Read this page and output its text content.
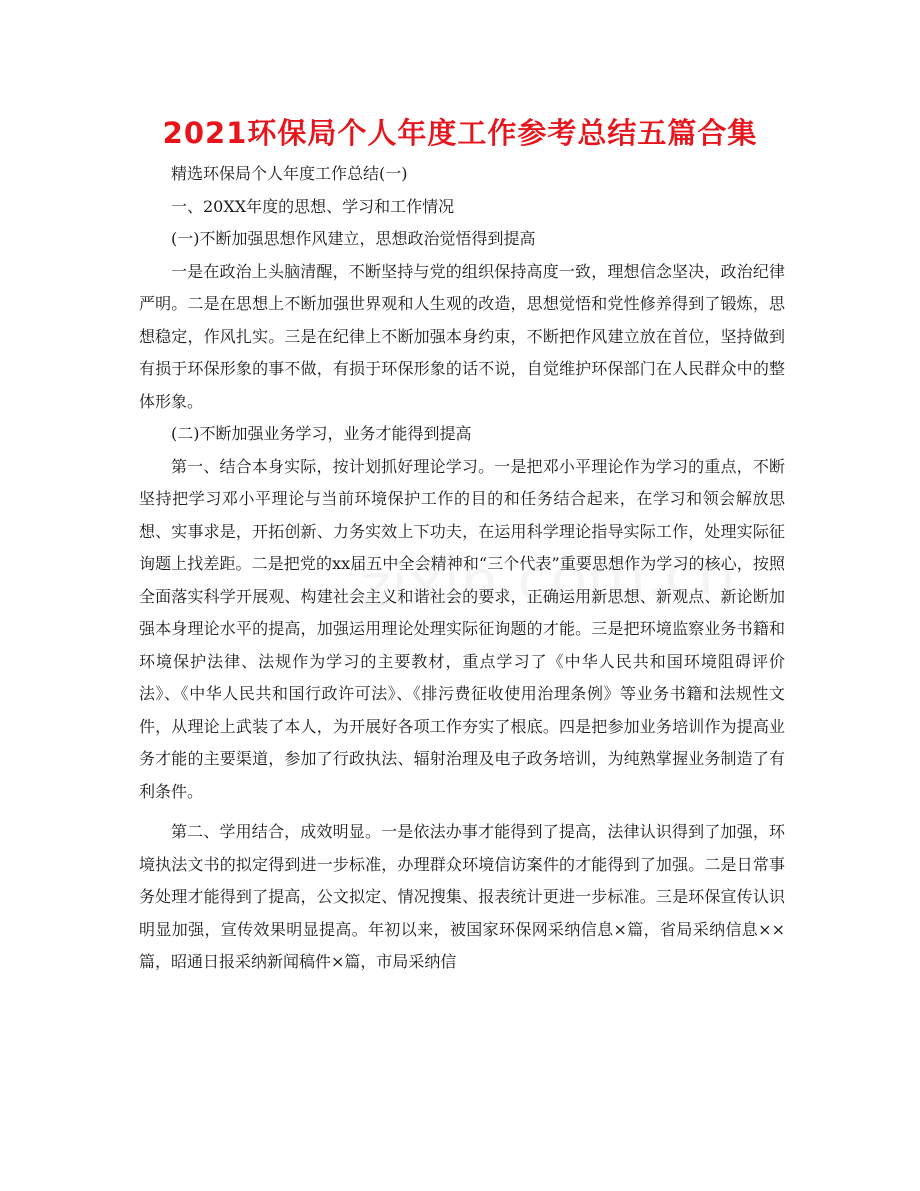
2021环保局个人年度工作参考总结五篇合集

精选环保局个人年度工作总结(一)

一、20XX年度的思想、学习和工作情况

(一)不断加强思想作风建立，思想政治觉悟得到提高

一是在政治上头脑清醒，不断坚持与党的组织保持高度一致，理想信念坚决，政治纪律严明。二是在思想上不断加强世界观和人生观的改造，思想觉悟和党性修养得到了锻炼，思想稳定，作风扎实。三是在纪律上不断加强本身约束，不断把作风建立放在首位，坚持做到有损于环保形象的事不做，有损于环保形象的话不说，自觉维护环保部门在人民群众中的整体形象。

(二)不断加强业务学习，业务才能得到提高

第一、结合本身实际，按计划抓好理论学习。一是把邓小平理论作为学习的重点，不断坚持把学习邓小平理论与当前环境保护工作的目的和任务结合起来，在学习和领会解放思想、实事求是，开拓创新、力务实效上下功夫，在运用科学理论指导实际工作，处理实际征询题上找差距。二是把党的xx届五中全会精神和“三个代表”重要思想作为学习的核心，按照全面落实科学开展观、构建社会主义和谐社会的要求，正确运用新思想、新观点、新论断加强本身理论水平的提高，加强运用理论处理实际征询题的才能。三是把环境监察业务书籍和环境保护法律、法规作为学习的主要教材，重点学习了《中华人民共和国环境阻碍评价法》、《中华人民共和国行政许可法》、《排污费征收使用治理条例》等业务书籍和法规性文件，从理论上武装了本人，为开展好各项工作夯实了根底。四是把参加业务培训作为提高业务才能的主要渠道，参加了行政执法、辐射治理及电子政务培训，为纯熟掌握业务制造了有利条件。

第二、学用结合，成效明显。一是依法办事才能得到了提高，法律认识得到了加强，环境执法文书的拟定得到进一步标准，办理群众环境信访案件的才能得到了加强。二是日常事务处理才能得到了提高，公文拟定、情况搜集、报表统计更进一步标准。三是环保宣传认识明显加强，宣传效果明显提高。年初以来，被国家环保网采纳信息×篇，省局采纳信息××篇，昭通日报采纳新闻稿件×篇，市局采纳信
